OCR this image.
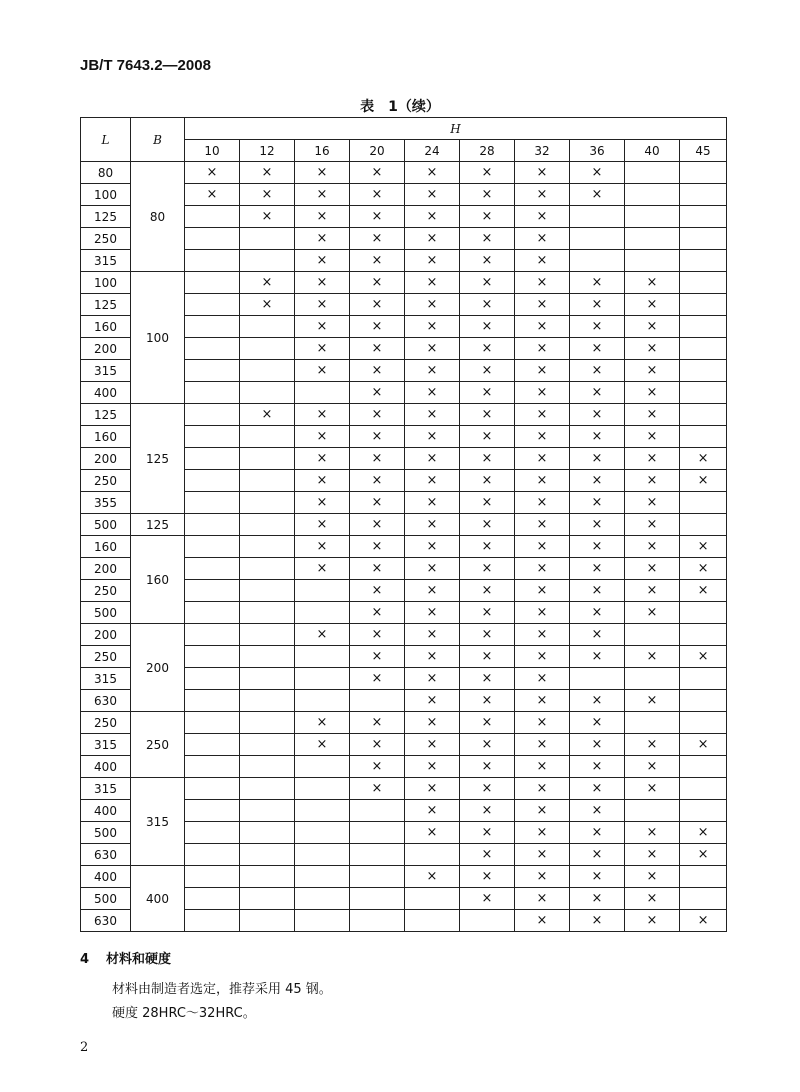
JB/T 7643.2—2008
表　1（续）
L	B	H									
		10	12	16	20	24	28	32	36	40	45
80	80	×	×	×	×	×	×	×	×		
100		×	×	×	×	×	×	×	×		
125			×	×	×	×	×	×			
250				×	×	×	×	×			
315				×	×	×	×	×			
100	100		×	×	×	×	×	×	×	×	
125			×	×	×	×	×	×	×	×	
160				×	×	×	×	×	×	×	
200				×	×	×	×	×	×	×	
315				×	×	×	×	×	×	×	
400					×	×	×	×	×	×	
125	125		×	×	×	×	×	×	×	×	
160				×	×	×	×	×	×	×	
200				×	×	×	×	×	×	×	×
250				×	×	×	×	×	×	×	×
355				×	×	×	×	×	×	×	
500	125			×	×	×	×	×	×	×	
160	160			×	×	×	×	×	×	×	×
200				×	×	×	×	×	×	×	×
250					×	×	×	×	×	×	×
500					×	×	×	×	×	×	
200	200			×	×	×	×	×	×		
250					×	×	×	×	×	×	×
315					×	×	×	×			
630						×	×	×	×	×	
250	250			×	×	×	×	×	×		
315				×	×	×	×	×	×	×	×
400					×	×	×	×	×	×	
315	315				×	×	×	×	×	×	
400						×	×	×	×		
500						×	×	×	×	×	×
630							×	×	×	×	×
400	400					×	×	×	×	×	
500							×	×	×	×	
630								×	×	×	×
4 材料和硬度
材料由制造者选定，推荐采用 45 钢。
硬度 28HRC～32HRC。
2
